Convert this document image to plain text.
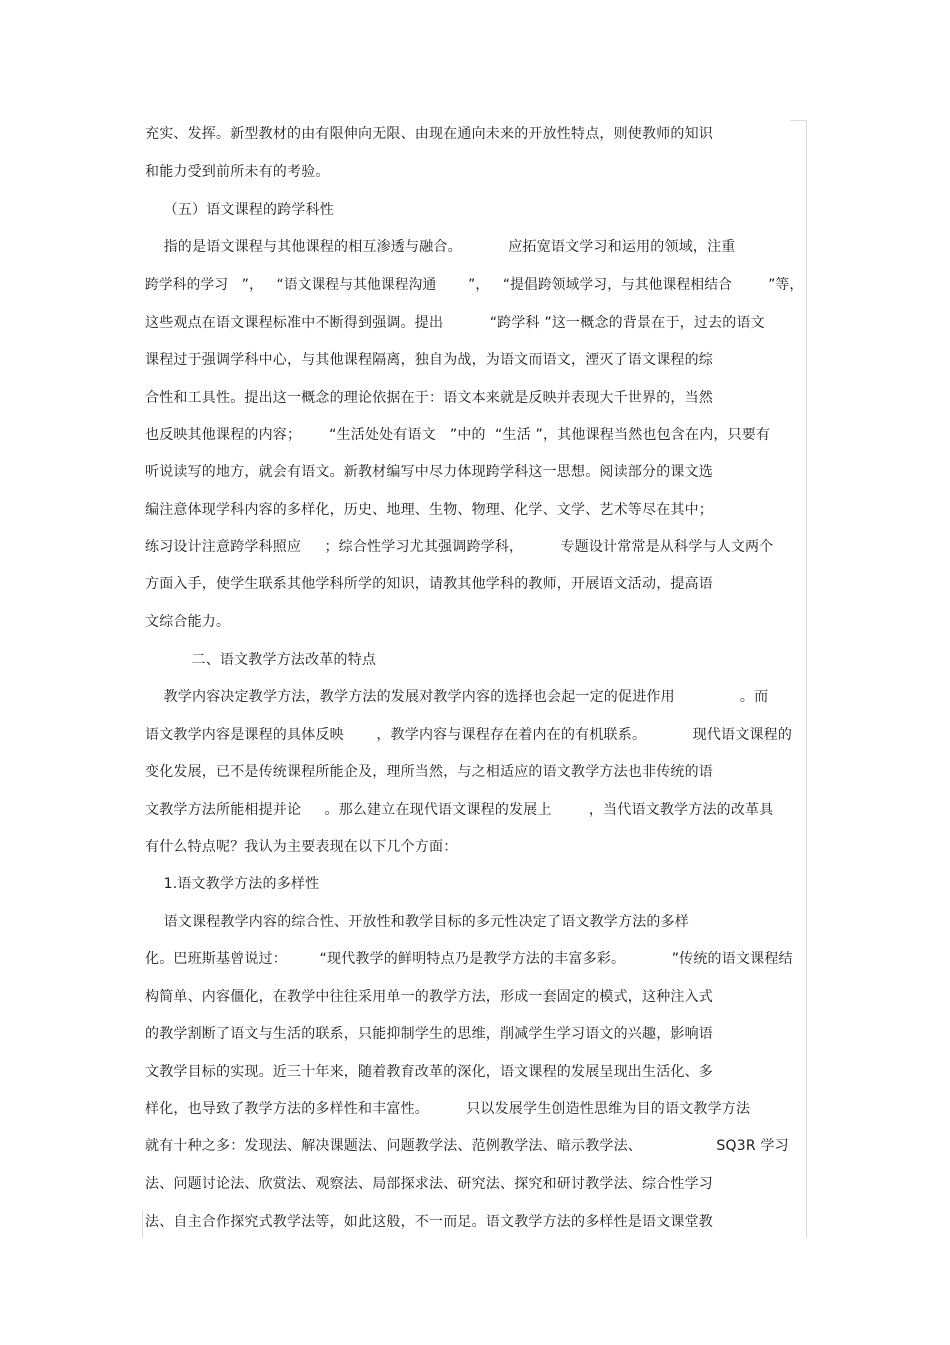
充实、发挥。新型教材的由有限伸向无限、由现在通向未来的开放性特点，则使教师的知识
和能力受到前所未有的考验。
（五）语文课程的跨学科性
指的是语文课程与其他课程的相互渗透与融合。          应拓宽语文学习和运用的领域，注重
跨学科的学习   ”，   “语文课程与其他课程沟通       ”，   “提倡跨领域学习，与其他课程相结合        ”等，
这些观点在语文课程标准中不断得到强调。提出          “跨学科 ”这一概念的背景在于，过去的语文
课程过于强调学科中心，与其他课程隔离，独自为战，为语文而语文，湮灭了语文课程的综
合性和工具性。提出这一概念的理论依据在于：语文本来就是反映并表现大千世界的，当然
也反映其他课程的内容；      “生活处处有语文   ”中的  “生活 ”，其他课程当然也包含在内，只要有
听说读写的地方，就会有语文。新教材编写中尽力体现跨学科这一思想。阅读部分的课文选
编注意体现学科内容的多样化，历史、地理、生物、物理、化学、文学、艺术等尽在其中；
练习设计注意跨学科照应     ；综合性学习尤其强调跨学科，        专题设计常常是从科学与人文两个
方面入手，使学生联系其他学科所学的知识，请教其他学科的教师，开展语文活动，提高语
文综合能力。
二、语文教学方法改革的特点
教学内容决定教学方法，教学方法的发展对教学内容的选择也会起一定的促进作用              。而
语文教学内容是课程的具体反映       ，教学内容与课程存在着内在的有机联系。          现代语文课程的
变化发展，已不是传统课程所能企及，理所当然，与之相适应的语文教学方法也非传统的语
文教学方法所能相提并论     。那么建立在现代语文课程的发展上        ，当代语文教学方法的改革具
有什么特点呢？我认为主要表现在以下几个方面：
1.语文教学方法的多样性
语文课程教学内容的综合性、开放性和教学目标的多元性决定了语文教学方法的多样
化。巴班斯基曾说过：       “现代教学的鲜明特点乃是教学方法的丰富多彩。          ”传统的语文课程结
构简单、内容僵化，在教学中往往采用单一的教学方法，形成一套固定的模式，这种注入式
的教学割断了语文与生活的联系，只能抑制学生的思维，削减学生学习语文的兴趣，影响语
文教学目标的实现。近三十年来，随着教育改革的深化，语文课程的发展呈现出生活化、多
样化，也导致了教学方法的多样性和丰富性。        只以发展学生创造性思维为目的语文教学方法
就有十种之多：发现法、解决课题法、问题教学法、范例教学法、暗示教学法、                SQ3R 学习
法、问题讨论法、欣赏法、观察法、局部探求法、研究法、探究和研讨教学法、综合性学习
法、自主合作探究式教学法等，如此这般，不一而足。语文教学方法的多样性是语文课堂教
